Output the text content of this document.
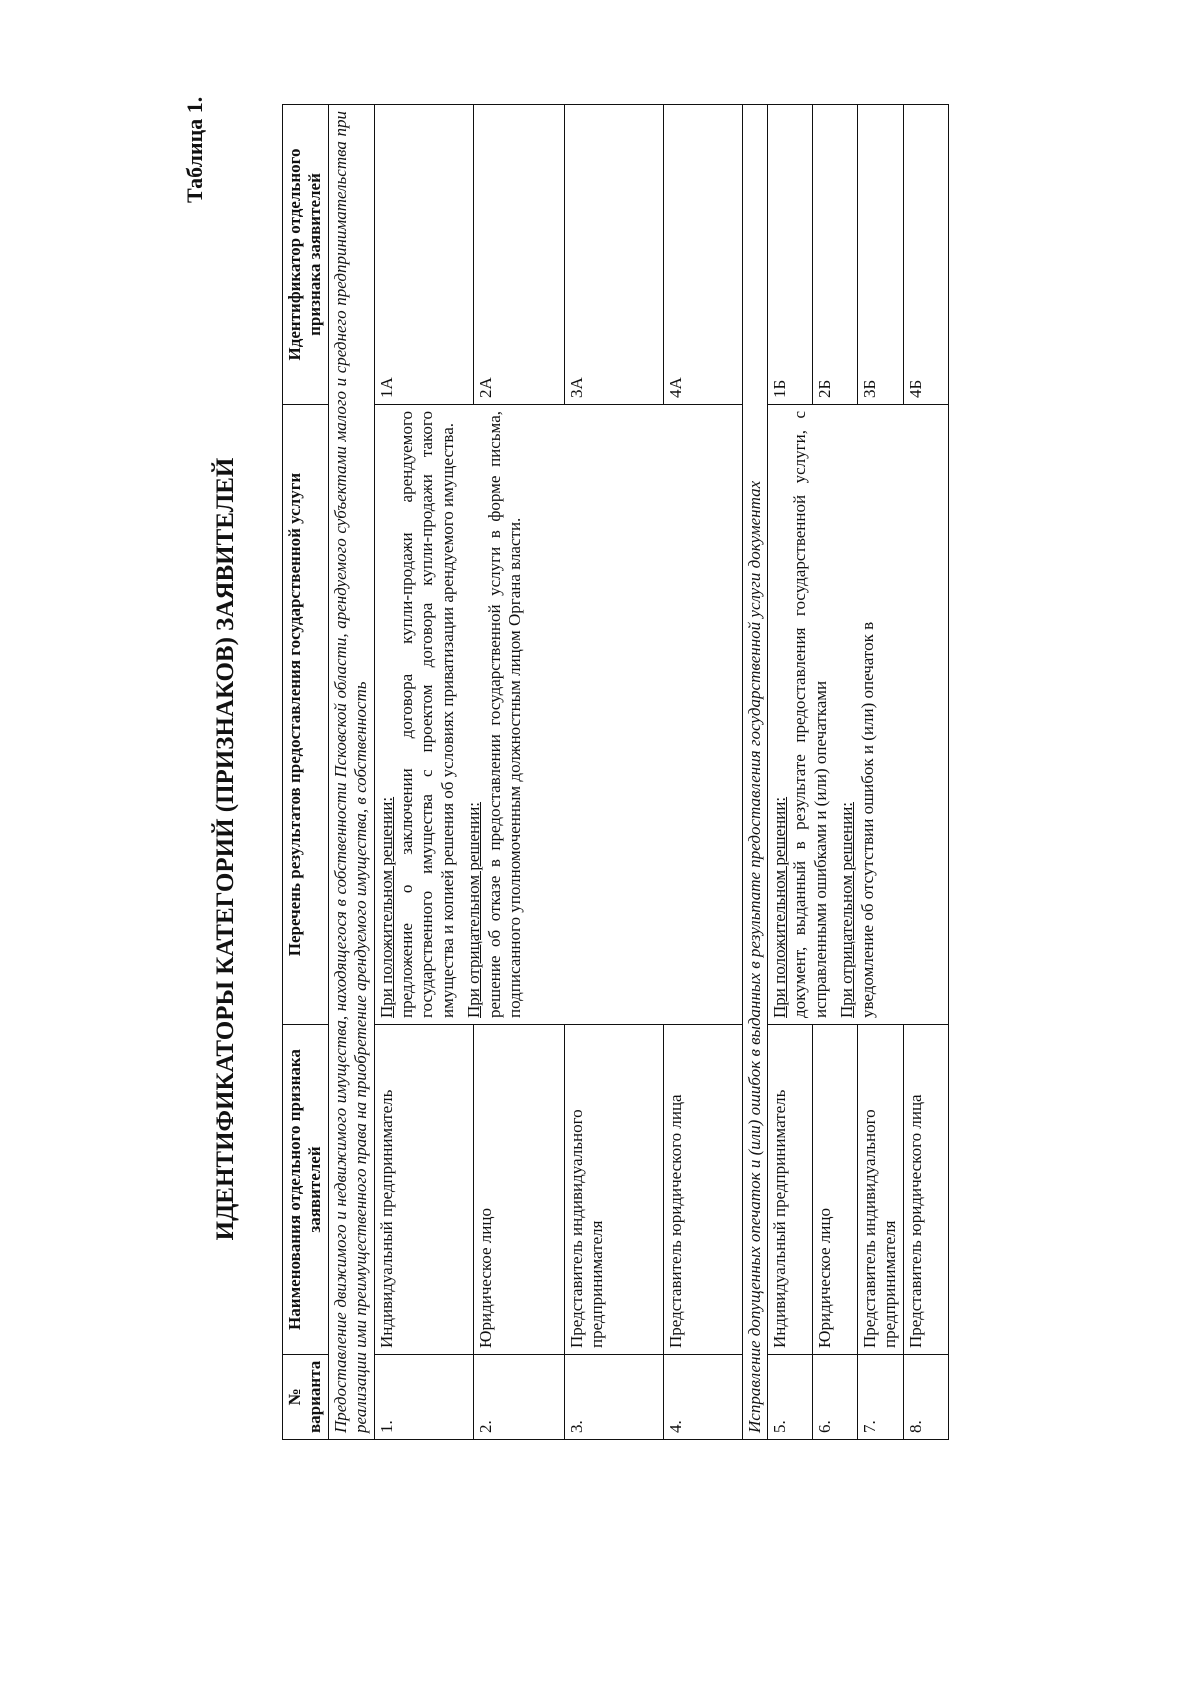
Таблица 1.
ИДЕНТИФИКАТОРЫ КАТЕГОРИЙ (ПРИЗНАКОВ) ЗАЯВИТЕЛЕЙ
№ варианта	Наименования отдельного признака заявителей	Перечень результатов предоставления государственной услуги	Идентификатор отдельного признака заявителей
Предоставление движимого и недвижимого имущества, находящегося в собственности Псковской области, арендуемого субъектами малого и среднего предпринимательства при реализации ими преимущественного права на приобретение арендуемого имущества, в собственность			
1.	Индивидуальный предприниматель	При положительном решении: предложение о заключении договора купли-продажи арендуемого государственного имущества с проектом договора купли-продажи такого имущества и копией решения об условиях приватизации арендуемого имущества. При отрицательном решении: решение об отказе в предоставлении государственной услуги в форме письма, подписанного уполномоченным должностным лицом Органа власти.	1А
2.	Юридическое лицо		2А
3.	Представитель индивидуального предпринимателя		3А
4.	Представитель юридического лица		4А
Исправление допущенных опечаток и (или) ошибок в выданных в результате предоставления государственной услуги документах			
5.	Индивидуальный предприниматель	При положительном решении: документ, выданный в результате предоставления государственной услуги, с исправленными ошибками и (или) опечатками При отрицательном решении: уведомление об отсутствии ошибок и (или) опечаток в	1Б
6.	Юридическое лицо		2Б
7.	Представитель индивидуального предпринимателя		3Б
8.	Представитель юридического лица		4Б
